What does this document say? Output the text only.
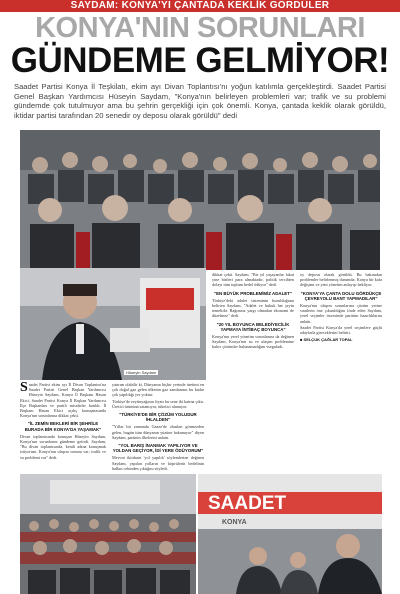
SAYDAM: KONYA'YI ÇANTADA KEKLİK GÖRDÜLER
KONYA'NIN SORUNLARI
GÜNDEME GELMİYOR!
Saadet Partisi Konya İl Teşkilatı, ekim ayı Divan Toplantısı'nı yoğun katılımla gerçekleştirdi. Saadet Partisi Genel Başkan Yardımcısı Hüseyin Saydam, "Konya'nın belirleyen problemleri var; trafik ve su problemi gündemde çok tutulmuyor ama bu şehrin gerçekliği için çok önemli. Konya, çantada keklik olarak görüldü, iktidar partisi tarafından 20 senedir oy deposu olarak görüldü" dedi
Hüseyin Saydam

Saadet Partisi ekim ayı İl Divan Toplantısı'na Saadet Partisi Genel Başkan Yardımcısı Hüseyin Saydam, Konya İl Başkanı Hasan Ekici, Saadet Partisi Konya İl Başkan Yardımcısı İlçe Başkanları ve partili misafirler katıldı. İl Başkanı Hasan Ekici açılış konuşmasında Konya'nın sorunlarına dikkat çekti.

"İL ZEMİN BEKLERİ BİR ŞEHRİLE BURADA BİR KONYA'DA YAŞAMAK"

Divan toplantısında konuşan Hüseyin Saydam, Konya'nın sorunlarını gündeme getirdi. Saydam, "Bu divan toplantısında, kendi adına konuşmak istiyorum. Konya'nın ulaşım sorunu var; trafik ve su problemi var" dedi.

yatırım olabilir ki. Dünyanın hiçbir yerinde üretimi en çok doğal gaz gelen ülkenin gaz zamlarının bu kadar çok yapıldığı yer yoktur.

Türkiye'de zeytinyağının fiyatı bu sene iki katına çıktı. Üretici ürününü satamıyor, tüketici alamıyor.

"TÜRKİYE'DE BİR ÇÖZÜM YOLUDUR İHLALDEN"

"Yıllar bir zamanda Gazze'de olanları görmezden gelen, bugün tüm dünyanın yüzüne bakamıyor" diyen Saydam, partinin ilkelerini anlattı.

"YOL BARIŞ İNANMAK YAPILIYOR VE YOLDAN GEÇİYOR, İDİ YERE ÖDÜYORUM"

Mevcut iktidarın 'yol yapıldı' söylemlerine değinen Saydam, yapılan yolların ve köprülerin bedelinin halkın cebinden çıktığını söyledi.

dikkat çekti. Saydam, "Bir yıl yaşayanlar fakat yine birileri para almaktadır, politik tercihten dolayı tüm toplum bedel ödüyor" dedi.

"EN BÜYÜK PROBLEMİMİZ ADALET"

Türkiye'deki adalet sisteminin bozulduğunu belirten Saydam, "Adalet ve hukuk her şeyin temelidir. Bağımsız yargı olmadan ekonomi de düzelmez" dedi.

"20 YIL BOYUNCA BELEDİYECİLİK YAPMAYA İNTİBAÇ BOYUNCA"

Konya'nın yerel yönetim sorunlarına da değinen Saydam, Konya'nın su ve ulaşım problemine kalıcı çözümler bulunamadığını vurguladı.

oy deposu olarak görüldü. Bu bakımdan problemler belirlenmiş durumda; Konya bir kafa değişimi ve yeni yönetim anlayışı bekliyor.

"KONYA'YA ÇANTA DOLU GÖRDÜKÇE ÇEVREYOLU BANT YAPMADILAR"

Konya'nın ulaşım sorunlarına çözüm yerine vaatlerin öne çıkarıldığını ifade eden Saydam, yerel seçimler öncesinde partinin hazırlıklarını anlattı.

Saadet Partisi Konya'da yerel seçimlere güçlü adaylarla gireceklerini belirtti.

■ SELÇUK ÇAĞLAR TOPAL
SAADET
KONYA
